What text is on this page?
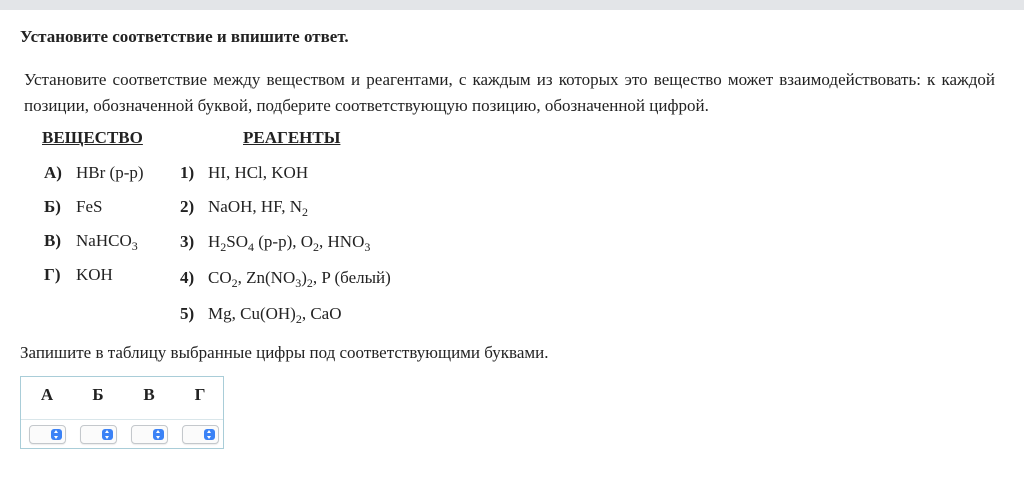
Установите соответствие и впишите ответ.

Установите соответствие между веществом и реагентами, с каждым из которых это вещество может взаимодействовать: к каждой позиции, обозначенной буквой, подберите соответствующую позицию, обозначенной цифрой.

ВЕЩЕСТВО	РЕАГЕНТЫ
А) HBr (р-р)
Б) FeS
В) NaHCO$_3$
Г) KOH
1) HI, HCl, KOH
2) NaOH, HF, $N_2$
3) $H_2SO_4$ (р-р), $O_2$, $HNO_3$
4) $CO_2$, $Zn(NO_3)_2$, P (белый)
5) Mg, $Cu(OH)_2$, CaO

Запишите в таблицу выбранные цифры под соответствующими буквами.

А	Б	В	Г
